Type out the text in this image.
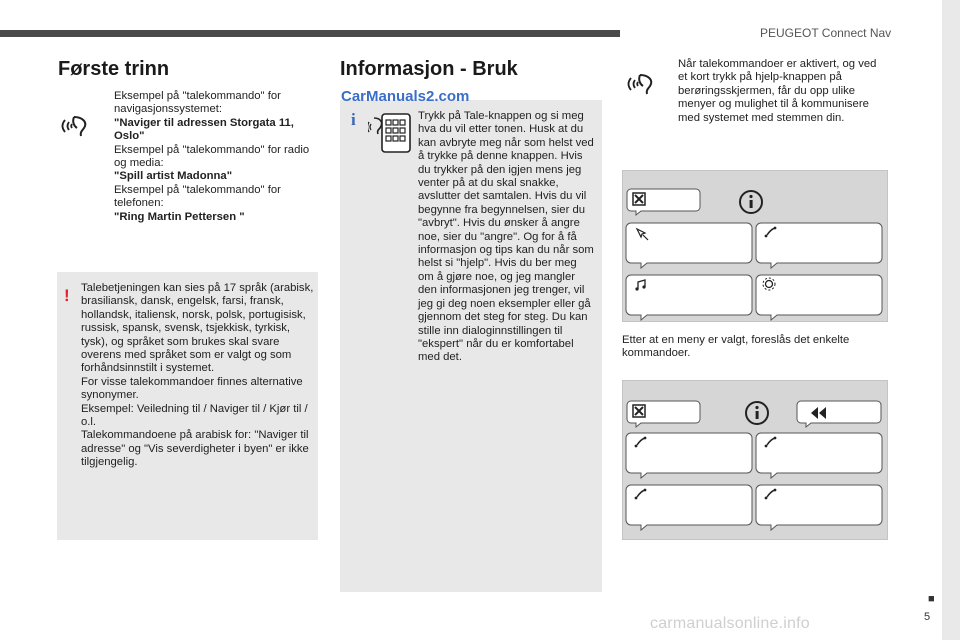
PEUGEOT Connect Nav
Første trinn
Eksempel på "talekommando" for navigasjonssystemet:
"Naviger til adressen Storgata 11, Oslo"
Eksempel på "talekommando" for radio og media:
"Spill artist Madonna"
Eksempel på "talekommando" for telefonen:
"Ring Martin Pettersen "
! Talebetjeningen kan sies på 17 språk (arabisk, brasiliansk, dansk, engelsk, farsi, fransk, hollandsk, italiensk, norsk, polsk, portugisisk, russisk, spansk, svensk, tsjekkisk, tyrkisk, tysk), og språket som brukes skal svare overens med språket som er valgt og som forhåndsinnstilt i systemet.
For visse talekommandoer finnes alternative synonymer.
Eksempel: Veiledning til / Naviger til / Kjør til / o.l.
Talekommandoene på arabisk for: "Naviger til adresse" og "Vis severdigheter i byen" er ikke tilgjengelig.
Informasjon - Bruk
CarManuals2.com
i	Trykk på Tale-knappen og si meg hva du vil etter tonen. Husk at du kan avbryte meg når som helst ved å trykke på denne knappen. Hvis du trykker på den igjen mens jeg venter på at du skal snakke, avslutter det samtalen. Hvis du vil begynne fra begynnelsen, sier du "avbryt". Hvis du ønsker å angre noe, sier du "angre". Og for å få informasjon og tips kan du når som helst si "hjelp". Hvis du ber meg om å gjøre noe, og jeg mangler den informasjonen jeg trenger, vil jeg gi deg noen eksempler eller gå gjennom det steg for steg. Du kan stille inn dialoginnstillingen til "ekspert" når du er komfortabel med det.
Når talekommandoer er aktivert, og ved et kort trykk på hjelp-knappen på berøringsskjermen, får du opp ulike menyer og mulighet til å kommunisere med systemet med stemmen din.
Etter at en meny er valgt, foreslås det enkelte kommandoer.
■
5
carmanualsonline.info
